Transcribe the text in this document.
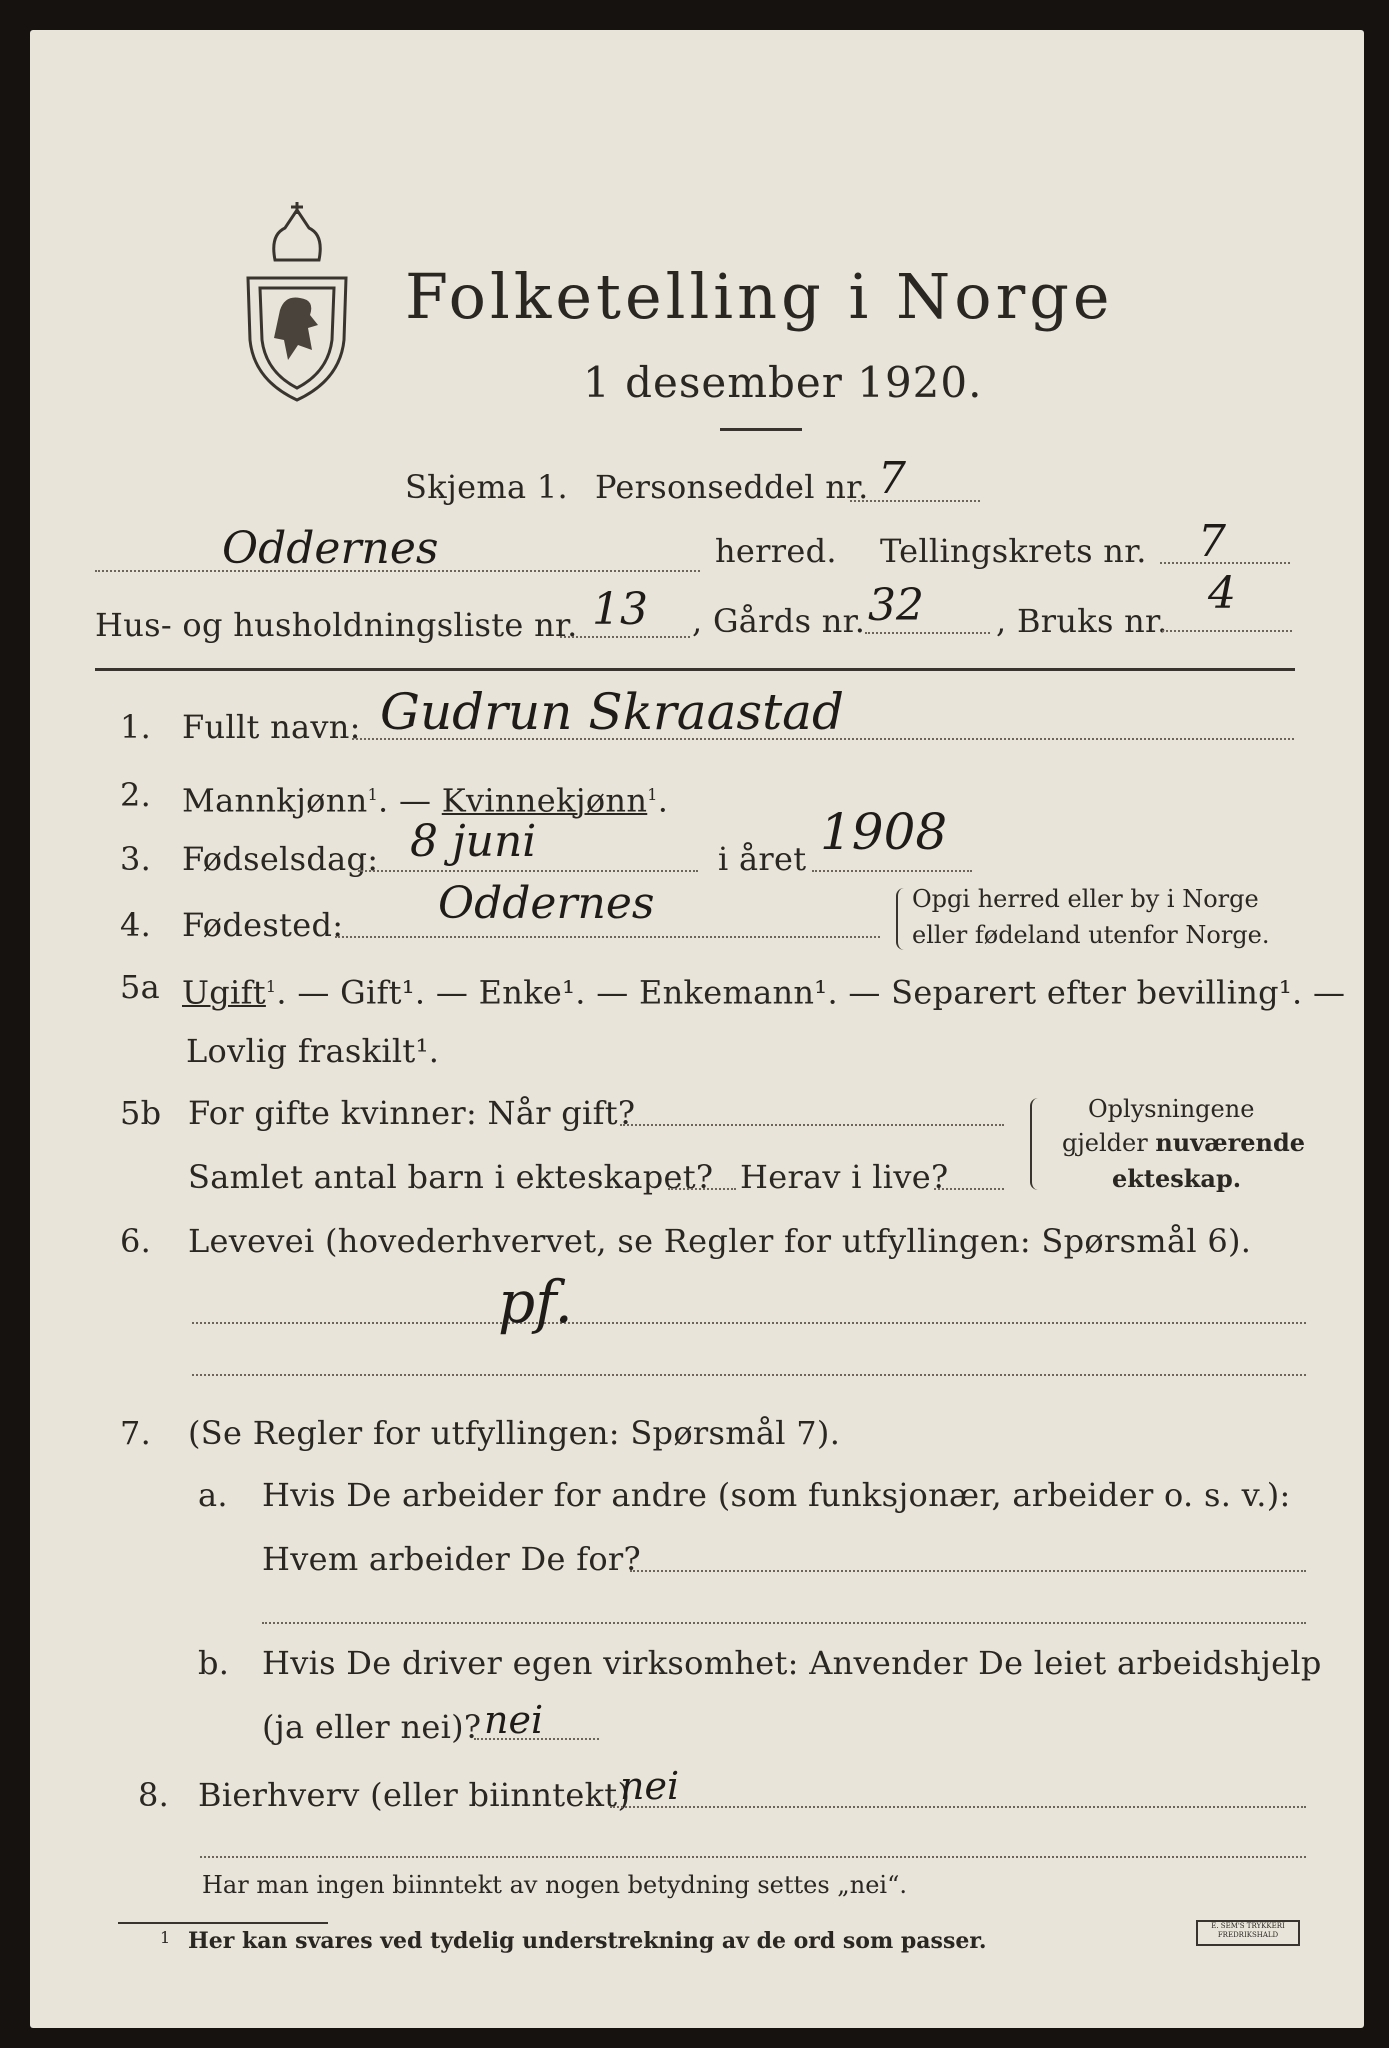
Folketelling i Norge
1 desember 1920.
Skjema 1. Personseddel nr. 7
Oddernes	herred. Tellingskrets nr. 7
Hus- og husholdningsliste nr. 13 , Gårds nr. 32 , Bruks nr.
4
1. Fullt navn: Gudrun Skraastad
2. Mannkjønn$^1$. — Kvinnekjønn$^1$.
3. Fødselsdag: 8 juni	i året 1908
4. Fødested: Oddernes	Opgi herred eller by i Norge
eller fødeland utenfor Norge.
5a Ugift$^1$. — Gift¹. — Enke¹. — Enkemann¹. — Separert efter bevilling¹. —
Lovlig fraskilt¹.
5b For gifte kvinner: Når gift?
Samlet antal barn i ekteskapet? Herav i live?
Oplysningene
gjelder nuværende
ekteskap.
6. Levevei (hovederhvervet, se Regler for utfyllingen: Spørsmål 6).
pf.
7. (Se Regler for utfyllingen: Spørsmål 7).
a. Hvis De arbeider for andre (som funksjonær, arbeider o. s. v.):
Hvem arbeider De for?
b. Hvis De driver egen virksomhet: Anvender De leiet arbeidshjelp
(ja eller nei)? nei
8. Bierhverv (eller biinntekt)
nei
Har man ingen biinntekt av nogen betydning settes „nei“.
1 Her kan svares ved tydelig understrekning av de ord som passer.
E. SEM'S TRYKKERI FREDRIKSHALD
